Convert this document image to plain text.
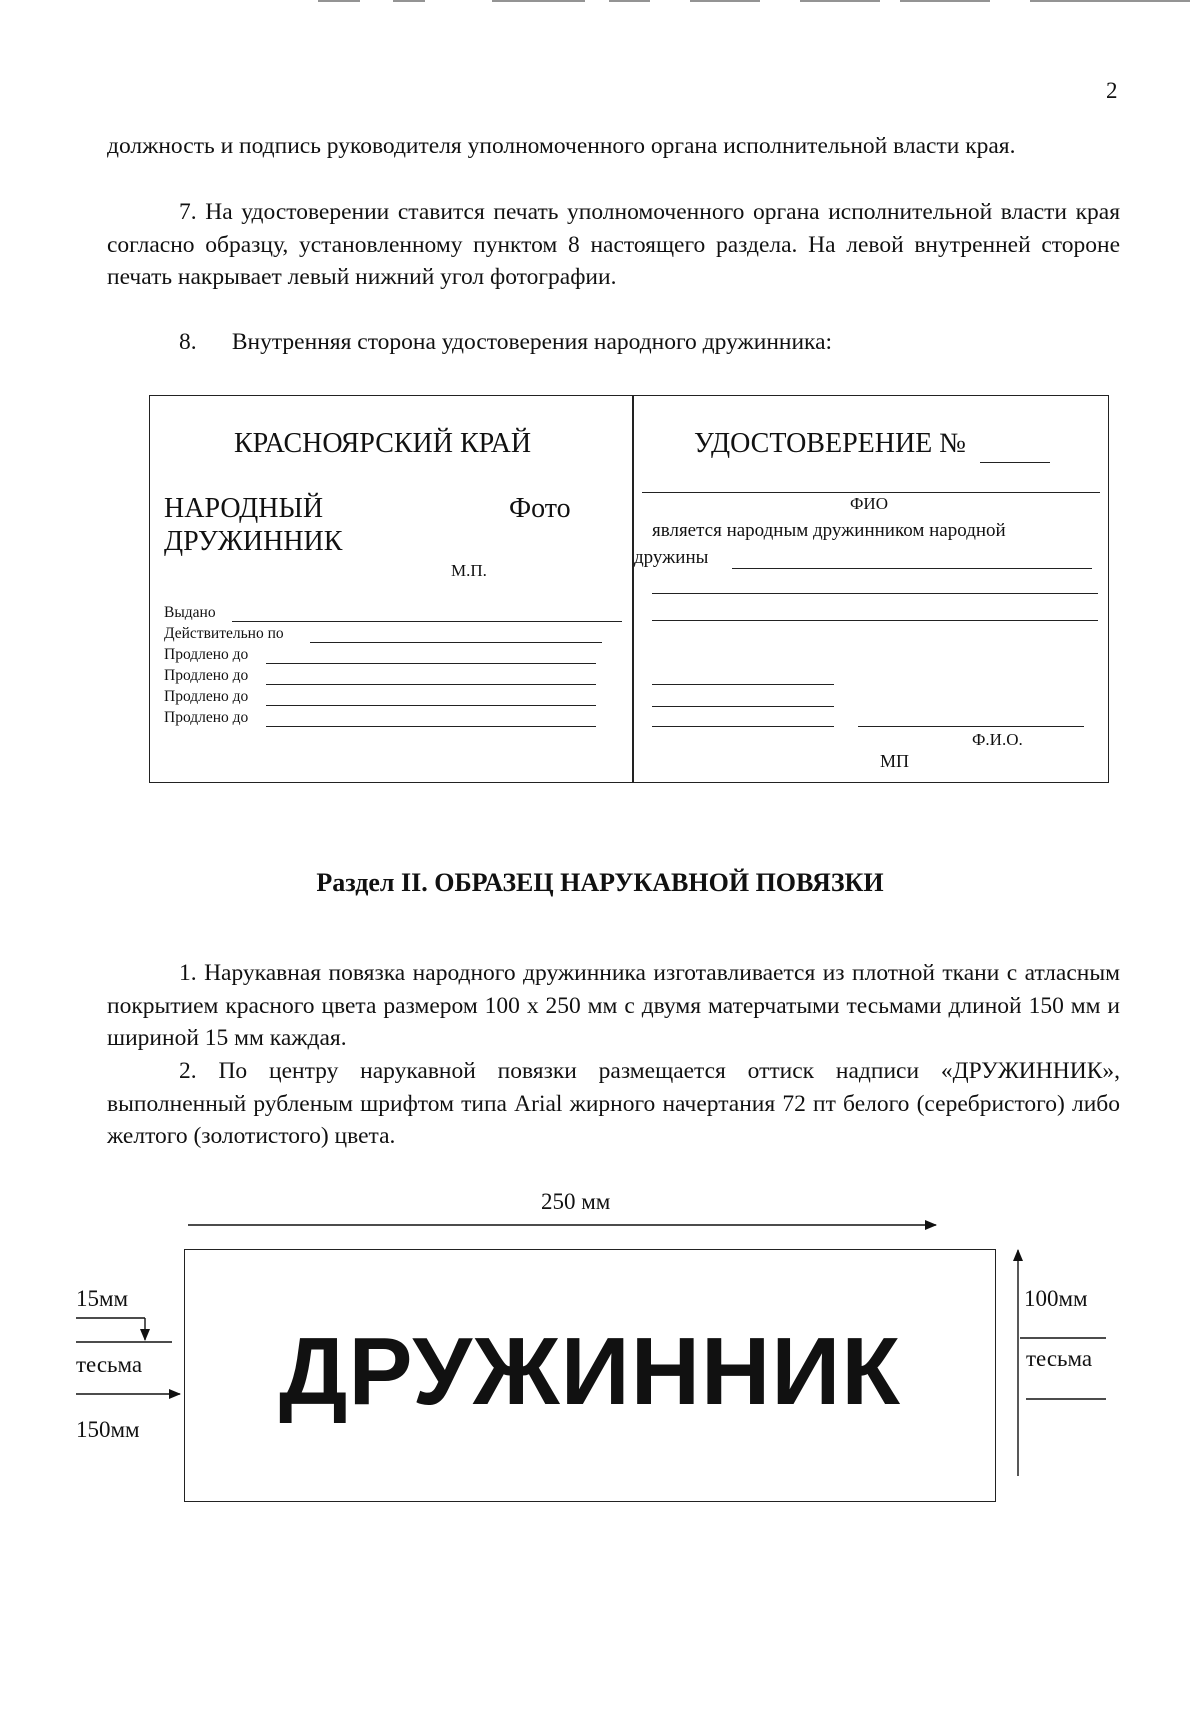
2

должность и подпись руководителя уполномоченного органа исполнительной власти края.

7. На удостоверении ставится печать уполномоченного органа исполнительной власти края согласно образцу, установленному пунктом 8 настоящего раздела. На левой внутренней стороне печать накрывает левый нижний угол фотографии.

8.      Внутренняя сторона удостоверения народного дружинника:

КРАСНОЯРСКИЙ КРАЙ
НАРОДНЫЙ
ДРУЖИННИК
Фото
М.П.
Выдано
Действительно по
Продлено до
Продлено до
Продлено до
Продлено до
УДОСТОВЕРЕНИЕ №
ФИО
является народным дружинником народной
дружины
Ф.И.О.
МП
Раздел II. ОБРАЗЕЦ НАРУКАВНОЙ ПОВЯЗКИ

1. Нарукавная повязка народного дружинника изготавливается из плотной ткани с атласным покрытием красного цвета размером 100 х 250 мм с двумя матерчатыми тесьмами длиной 150 мм и шириной 15 мм каждая.

2. По центру нарукавной повязки размещается оттиск надписи «ДРУЖИННИК», выполненный рубленым шрифтом типа Arial жирного начертания 72 пт белого (серебристого) либо желтого (золотистого) цвета.

ДРУЖИННИК
250 мм
100мм
15мм
тесьма
150мм
тесьма
